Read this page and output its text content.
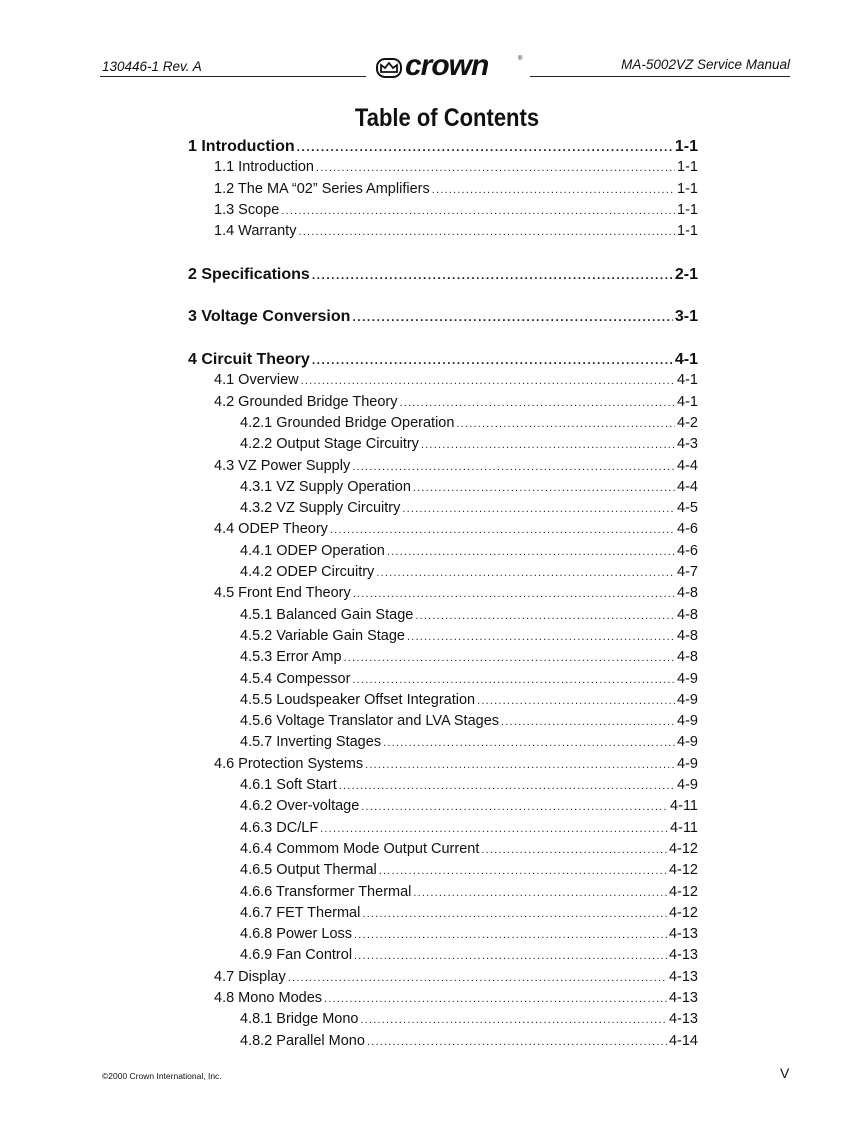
130446-1 Rev. A	crown	®	MA-5002VZ Service Manual
Table of Contents
1 Introduction .....	1-1
1.1 Introduction .....	1-1
1.2 The MA “02” Series Amplifiers .....	1-1
1.3 Scope .....	1-1
1.4 Warranty .....	1-1
2 Specifications .....	2-1
3 Voltage Conversion .....	3-1
4 Circuit Theory .....	4-1
4.1 Overview .....	4-1
4.2 Grounded Bridge Theory .....	4-1
4.2.1 Grounded Bridge Operation .....	4-2
4.2.2 Output Stage Circuitry .....	4-3
4.3 VZ Power Supply .....	4-4
4.3.1 VZ Supply Operation .....	4-4
4.3.2 VZ Supply Circuitry .....	4-5
4.4 ODEP Theory .....	4-6
4.4.1 ODEP Operation .....	4-6
4.4.2 ODEP Circuitry .....	4-7
4.5 Front End Theory .....	4-8
4.5.1 Balanced Gain Stage .....	4-8
4.5.2 Variable Gain Stage .....	4-8
4.5.3 Error Amp .....	4-8
4.5.4 Compessor .....	4-9
4.5.5 Loudspeaker Offset Integration .....	4-9
4.5.6 Voltage Translator and LVA Stages .....	4-9
4.5.7 Inverting Stages .....	4-9
4.6 Protection Systems .....	4-9
4.6.1 Soft Start .....	4-9
4.6.2 Over-voltage .....	4-11
4.6.3 DC/LF .....	4-11
4.6.4 Commom Mode Output Current .....	4-12
4.6.5 Output Thermal .....	4-12
4.6.6 Transformer Thermal .....	4-12
4.6.7 FET Thermal .....	4-12
4.6.8 Power Loss .....	4-13
4.6.9 Fan Control .....	4-13
4.7 Display .....	4-13
4.8 Mono Modes .....	4-13
4.8.1 Bridge Mono .....	4-13
4.8.2 Parallel Mono .....	4-14
©2000 Crown International, Inc.	V
